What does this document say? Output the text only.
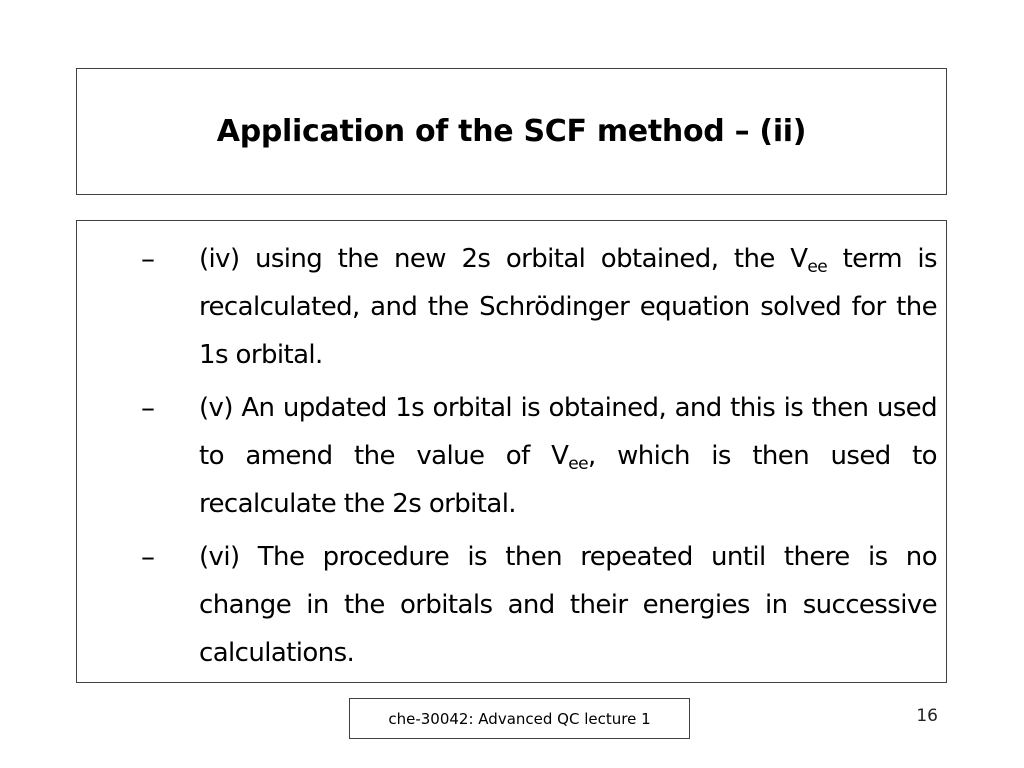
Application of the SCF method – (ii)
–	(iv) using the new 2s orbital obtained, the $V_{ee}$ term is recalculated, and the Schrödinger equation solved for the 1s orbital.
–	(v) An updated 1s orbital is obtained, and this is then used to amend the value of $V_{ee}$, which is then used to recalculate the 2s orbital.
–	(vi) The procedure is then repeated until there is no change in the orbitals and their energies in successive calculations.
che-30042: Advanced QC lecture 1	16
